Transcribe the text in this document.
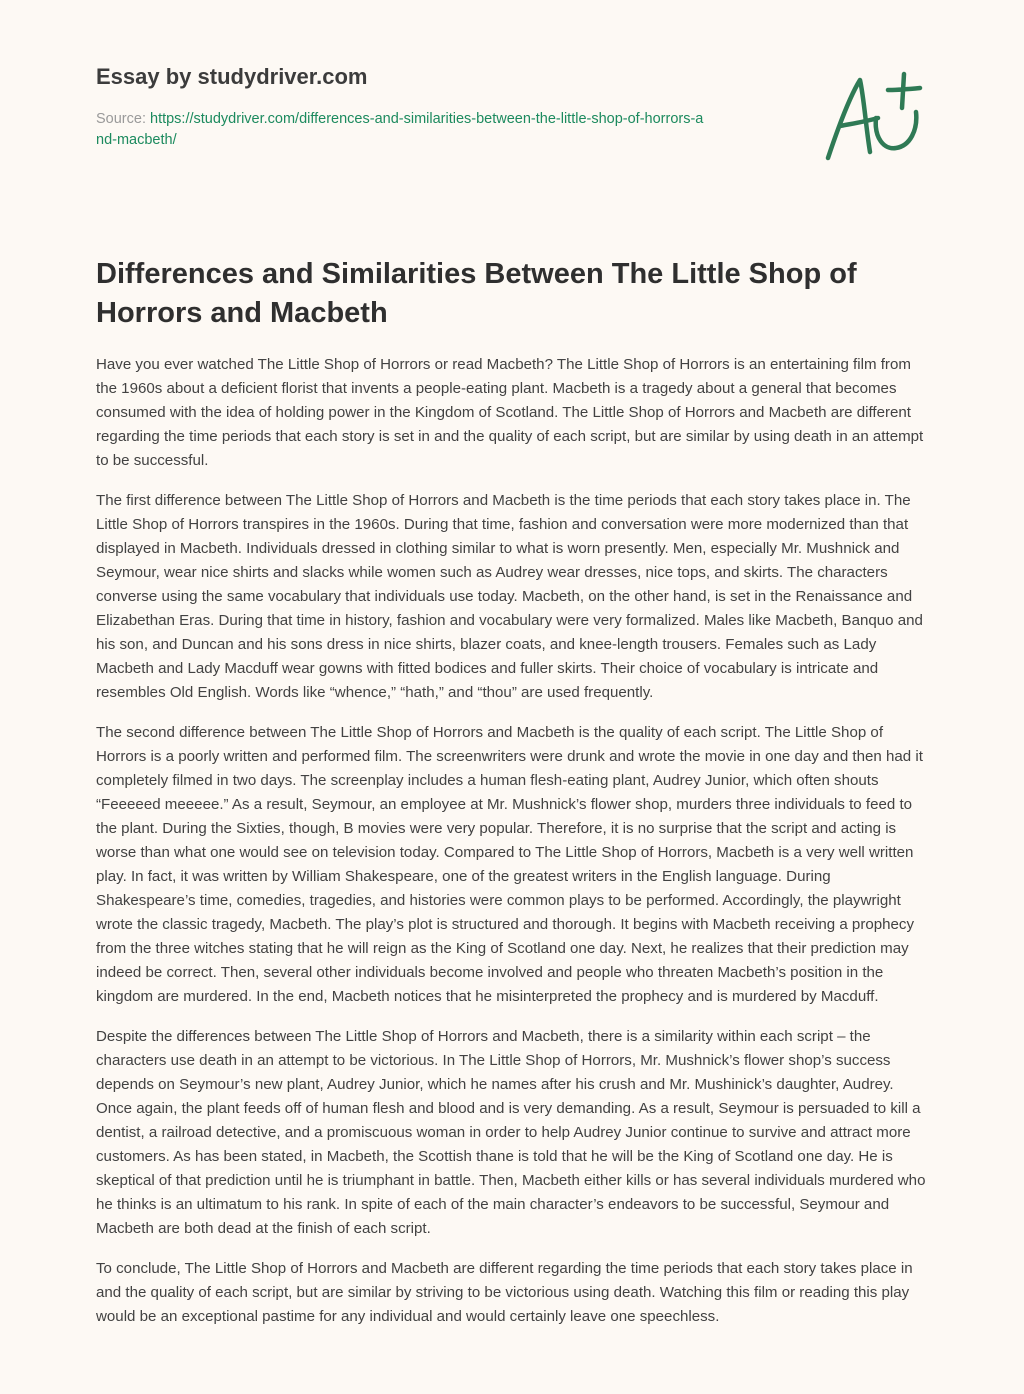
Essay by studydriver.com
Source: https://studydriver.com/differences-and-similarities-between-the-little-shop-of-horrors-and-macbeth/
Differences and Similarities Between The Little Shop of Horrors and Macbeth

Have you ever watched The Little Shop of Horrors or read Macbeth? The Little Shop of Horrors is an entertaining film from the 1960s about a deficient florist that invents a people-eating plant. Macbeth is a tragedy about a general that becomes consumed with the idea of holding power in the Kingdom of Scotland. The Little Shop of Horrors and Macbeth are different regarding the time periods that each story is set in and the quality of each script, but are similar by using death in an attempt to be successful.

The first difference between The Little Shop of Horrors and Macbeth is the time periods that each story takes place in. The Little Shop of Horrors transpires in the 1960s. During that time, fashion and conversation were more modernized than that displayed in Macbeth. Individuals dressed in clothing similar to what is worn presently. Men, especially Mr. Mushnick and Seymour, wear nice shirts and slacks while women such as Audrey wear dresses, nice tops, and skirts. The characters converse using the same vocabulary that individuals use today. Macbeth, on the other hand, is set in the Renaissance and Elizabethan Eras. During that time in history, fashion and vocabulary were very formalized. Males like Macbeth, Banquo and his son, and Duncan and his sons dress in nice shirts, blazer coats, and knee-length trousers. Females such as Lady Macbeth and Lady Macduff wear gowns with fitted bodices and fuller skirts. Their choice of vocabulary is intricate and resembles Old English. Words like “whence,” “hath,” and “thou” are used frequently.

The second difference between The Little Shop of Horrors and Macbeth is the quality of each script. The Little Shop of Horrors is a poorly written and performed film. The screenwriters were drunk and wrote the movie in one day and then had it completely filmed in two days. The screenplay includes a human flesh-eating plant, Audrey Junior, which often shouts “Feeeeed meeeee.” As a result, Seymour, an employee at Mr. Mushnick’s flower shop, murders three individuals to feed to the plant. During the Sixties, though, B movies were very popular. Therefore, it is no surprise that the script and acting is worse than what one would see on television today. Compared to The Little Shop of Horrors, Macbeth is a very well written play. In fact, it was written by William Shakespeare, one of the greatest writers in the English language. During Shakespeare’s time, comedies, tragedies, and histories were common plays to be performed. Accordingly, the playwright wrote the classic tragedy, Macbeth. The play’s plot is structured and thorough. It begins with Macbeth receiving a prophecy from the three witches stating that he will reign as the King of Scotland one day. Next, he realizes that their prediction may indeed be correct. Then, several other individuals become involved and people who threaten Macbeth’s position in the kingdom are murdered. In the end, Macbeth notices that he misinterpreted the prophecy and is murdered by Macduff.

Despite the differences between The Little Shop of Horrors and Macbeth, there is a similarity within each script – the characters use death in an attempt to be victorious. In The Little Shop of Horrors, Mr. Mushnick’s flower shop’s success depends on Seymour’s new plant, Audrey Junior, which he names after his crush and Mr. Mushinick’s daughter, Audrey. Once again, the plant feeds off of human flesh and blood and is very demanding. As a result, Seymour is persuaded to kill a dentist, a railroad detective, and a promiscuous woman in order to help Audrey Junior continue to survive and attract more customers. As has been stated, in Macbeth, the Scottish thane is told that he will be the King of Scotland one day. He is skeptical of that prediction until he is triumphant in battle. Then, Macbeth either kills or has several individuals murdered who he thinks is an ultimatum to his rank. In spite of each of the main character’s endeavors to be successful, Seymour and Macbeth are both dead at the finish of each script.

To conclude, The Little Shop of Horrors and Macbeth are different regarding the time periods that each story takes place in and the quality of each script, but are similar by striving to be victorious using death. Watching this film or reading this play would be an exceptional pastime for any individual and would certainly leave one speechless.
